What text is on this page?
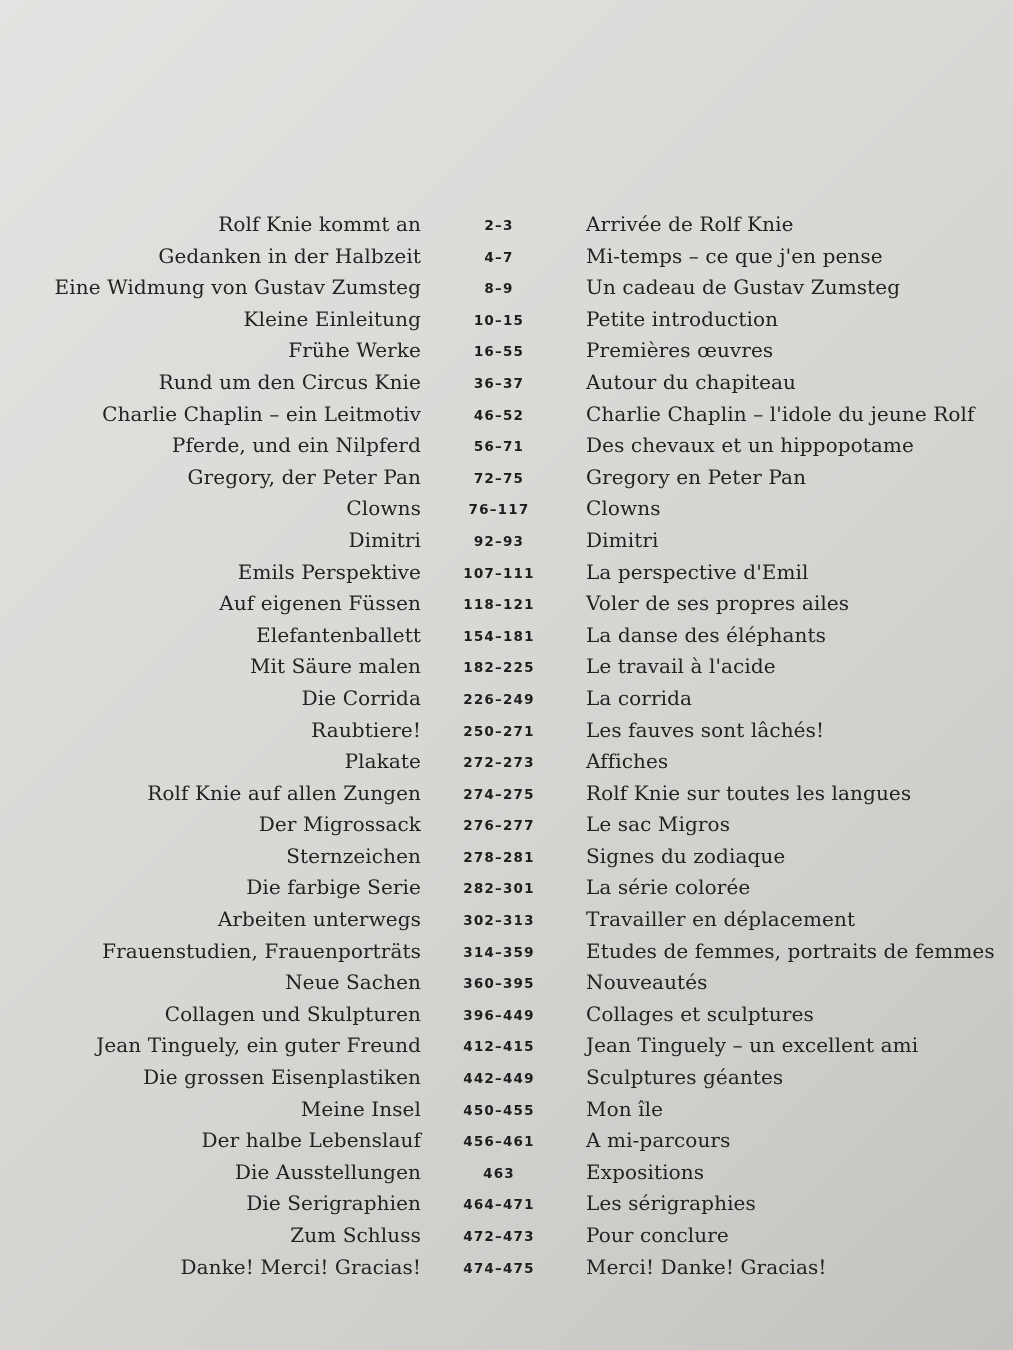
Rolf Knie kommt an	2–3	Arrivée de Rolf Knie
Gedanken in der Halbzeit	4–7	Mi-temps – ce que j'en pense
Eine Widmung von Gustav Zumsteg	8–9	Un cadeau de Gustav Zumsteg
Kleine Einleitung	10–15	Petite introduction
Frühe Werke	16–55	Premières œuvres
Rund um den Circus Knie	36–37	Autour du chapiteau
Charlie Chaplin – ein Leitmotiv	46–52	Charlie Chaplin – l'idole du jeune Rolf
Pferde, und ein Nilpferd	56–71	Des chevaux et un hippopotame
Gregory, der Peter Pan	72–75	Gregory en Peter Pan
Clowns	76–117	Clowns
Dimitri	92–93	Dimitri
Emils Perspektive	107–111	La perspective d'Emil
Auf eigenen Füssen	118–121	Voler de ses propres ailes
Elefantenballett	154–181	La danse des éléphants
Mit Säure malen	182–225	Le travail à l'acide
Die Corrida	226–249	La corrida
Raubtiere!	250–271	Les fauves sont lâchés!
Plakate	272–273	Affiches
Rolf Knie auf allen Zungen	274–275	Rolf Knie sur toutes les langues
Der Migrossack	276–277	Le sac Migros
Sternzeichen	278–281	Signes du zodiaque
Die farbige Serie	282–301	La série colorée
Arbeiten unterwegs	302–313	Travailler en déplacement
Frauenstudien, Frauenporträts	314–359	Etudes de femmes, portraits de femmes
Neue Sachen	360–395	Nouveautés
Collagen und Skulpturen	396–449	Collages et sculptures
Jean Tinguely, ein guter Freund	412–415	Jean Tinguely – un excellent ami
Die grossen Eisenplastiken	442–449	Sculptures géantes
Meine Insel	450–455	Mon île
Der halbe Lebenslauf	456–461	A mi-parcours
Die Ausstellungen	463	Expositions
Die Serigraphien	464–471	Les sérigraphies
Zum Schluss	472–473	Pour conclure
Danke! Merci! Gracias!	474–475	Merci! Danke! Gracias!
